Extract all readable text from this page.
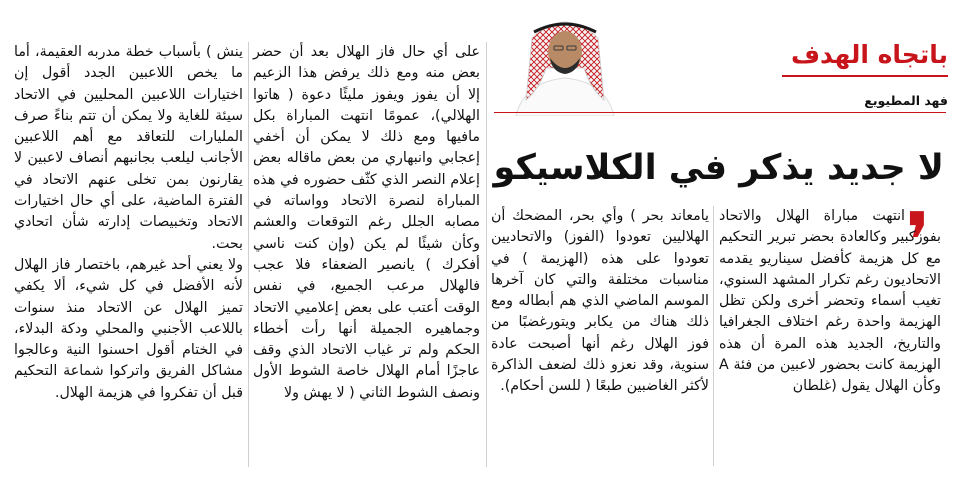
باتجاه الهدف
فهد المطيويع
لا جديد يذكر في الكلاسيكو
❜

انتهت مباراة الهلال والاتحاد بفوزكبير وكالعادة بحضر تبرير التحكيم مع كل هزيمة كأفضل سيناريو يقدمه الاتحاديون رغم تكرار المشهد السنوي، تغيب أسماء وتحضر أخرى ولكن تظل الهزيمة واحدة رغم اختلاف الجغرافيا والتاريخ، الجديد هذه المرة أن هذه الهزيمة كانت بحضور لاعبين من فئة A وكأن الهلال يقول (غلطان

يامعاند بحر ) وأي بحر، المضحك أن الهلاليين تعودوا (الفوز) والاتحاديين تعودوا على هذه (الهزيمة ) في مناسبات مختلفة والتي كان آخرها الموسم الماضي الذي هم أبطاله ومع ذلك هناك من يكابر ويتورغضبًا من فوز الهلال رغم أنها أصبحت عادة سنوية، وقد نعزو ذلك لضعف الذاكرة لأكثر الغاضبين طبعًا ( للسن أحكام).

على أي حال فاز الهلال بعد أن حضر بعض منه ومع ذلك يرفض هذا الزعيم إلا أن يفوز ويفوز مليئًا دعوة ( هاتوا الهلالي)، عمومًا انتهت المباراة بكل مافيها ومع ذلك لا يمكن أن أخفي إعجابي وانبهاري من بعض ماقاله بعض إعلام النصر الذي كثّف حضوره في هذه المباراة لنصرة الاتحاد وواساته في مصابه الجلل رغم التوقعات والعشم وكأن شيئًا لم يكن (وإن كنت ناسي أفكرك ) يانصير الضعفاء فلا عجب فالهلال مرعب الجميع، في نفس الوقت أعتب على بعض إعلاميي الاتحاد وجماهيره الجميلة أنها رأت أخطاء الحكم ولم تر غياب الاتحاد الذي وقف عاجزًا أمام الهلال خاصة الشوط الأول ونصف الشوط الثاني ( لا يهش ولا

ينش ) بأسباب خطة مدربه العقيمة، أما ما يخص اللاعبين الجدد أقول إن اختيارات اللاعبين المحليين في الاتحاد سيئة للغاية ولا يمكن أن تتم بناءً صرف المليارات للتعاقد مع أهم اللاعبين الأجانب ليلعب بجانبهم أنصاف لاعبين لا يقارنون بمن تخلى عنهم الاتحاد في الفترة الماضية، على أي حال اختيارات الاتحاد وتخبيصات إدارته شأن اتحادي بحت.

ولا يعني أحد غيرهم، باختصار فاز الهلال لأنه الأفضل في كل شيء، ألا يكفي تميز الهلال عن الاتحاد منذ سنوات باللاعب الأجنبي والمحلي ودكة البدلاء، في الختام أقول احسنوا النية وعالجوا مشاكل الفريق واتركوا شماعة التحكيم قبل أن تفكروا في هزيمة الهلال.
